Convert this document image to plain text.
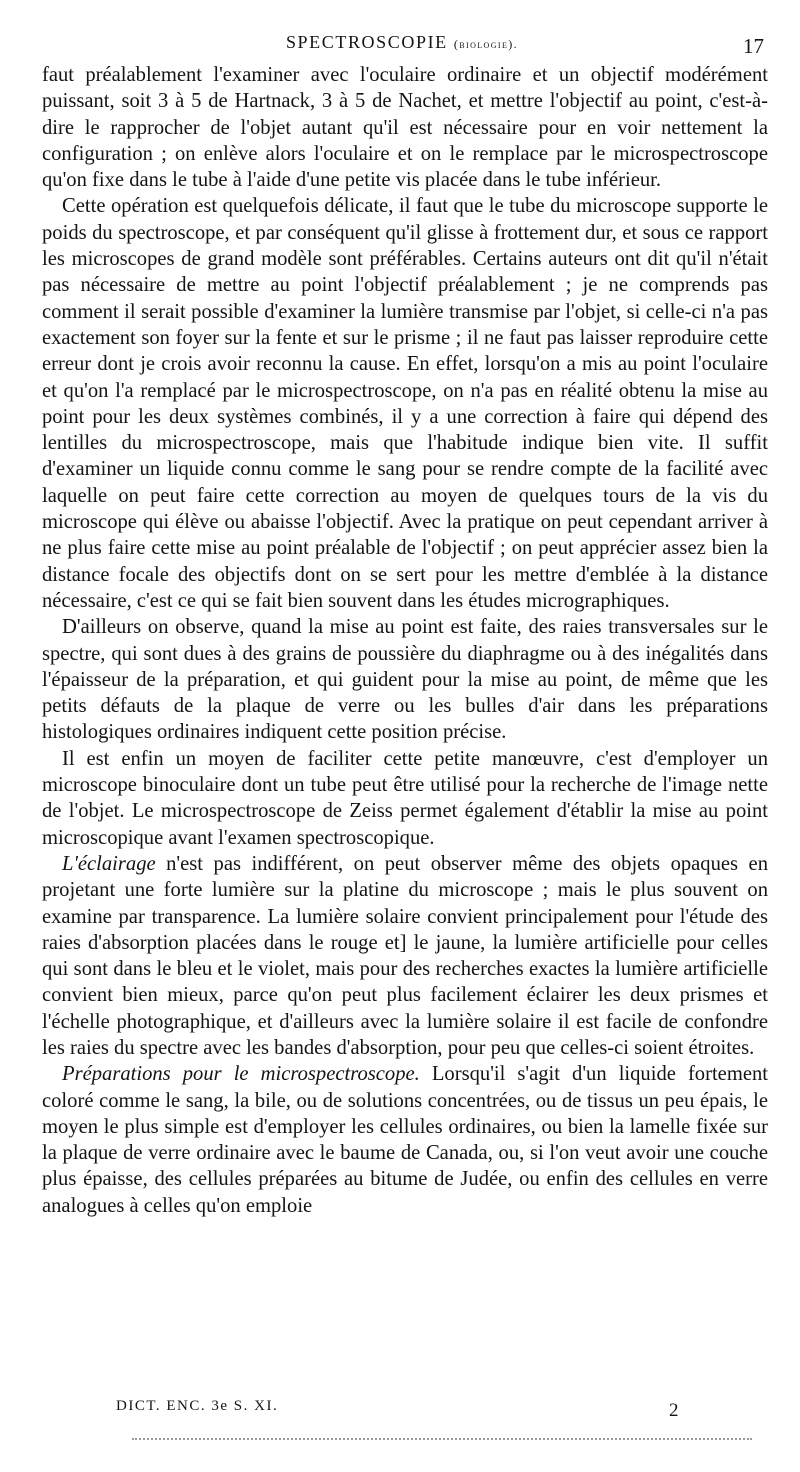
SPECTROSCOPIE (biologie).	17

faut préalablement l'examiner avec l'oculaire ordinaire et un objectif modérément puissant, soit 3 à 5 de Hartnack, 3 à 5 de Nachet, et mettre l'objectif au point, c'est-à-dire le rapprocher de l'objet autant qu'il est nécessaire pour en voir nettement la configuration ; on enlève alors l'oculaire et on le remplace par le microspectroscope qu'on fixe dans le tube à l'aide d'une petite vis placée dans le tube inférieur.

Cette opération est quelquefois délicate, il faut que le tube du microscope supporte le poids du spectroscope, et par conséquent qu'il glisse à frottement dur, et sous ce rapport les microscopes de grand modèle sont préférables. Certains auteurs ont dit qu'il n'était pas nécessaire de mettre au point l'objectif préalablement ; je ne comprends pas comment il serait possible d'examiner la lumière transmise par l'objet, si celle-ci n'a pas exactement son foyer sur la fente et sur le prisme ; il ne faut pas laisser reproduire cette erreur dont je crois avoir reconnu la cause. En effet, lorsqu'on a mis au point l'oculaire et qu'on l'a remplacé par le microspectroscope, on n'a pas en réalité obtenu la mise au point pour les deux systèmes combinés, il y a une correction à faire qui dépend des lentilles du microspectroscope, mais que l'habitude indique bien vite. Il suffit d'examiner un liquide connu comme le sang pour se rendre compte de la facilité avec laquelle on peut faire cette correction au moyen de quelques tours de la vis du microscope qui élève ou abaisse l'objectif. Avec la pratique on peut cependant arriver à ne plus faire cette mise au point préalable de l'objectif ; on peut apprécier assez bien la distance focale des objectifs dont on se sert pour les mettre d'emblée à la distance nécessaire, c'est ce qui se fait bien souvent dans les études micrographiques.

D'ailleurs on observe, quand la mise au point est faite, des raies transversales sur le spectre, qui sont dues à des grains de poussière du diaphragme ou à des inégalités dans l'épaisseur de la préparation, et qui guident pour la mise au point, de même que les petits défauts de la plaque de verre ou les bulles d'air dans les préparations histologiques ordinaires indiquent cette position précise.

Il est enfin un moyen de faciliter cette petite manœuvre, c'est d'employer un microscope binoculaire dont un tube peut être utilisé pour la recherche de l'image nette de l'objet. Le microspectroscope de Zeiss permet également d'établir la mise au point microscopique avant l'examen spectroscopique.

L'éclairage n'est pas indifférent, on peut observer même des objets opaques en projetant une forte lumière sur la platine du microscope ; mais le plus souvent on examine par transparence. La lumière solaire convient principalement pour l'étude des raies d'absorption placées dans le rouge et] le jaune, la lumière artificielle pour celles qui sont dans le bleu et le violet, mais pour des recherches exactes la lumière artificielle convient bien mieux, parce qu'on peut plus facilement éclairer les deux prismes et l'échelle photographique, et d'ailleurs avec la lumière solaire il est facile de confondre les raies du spectre avec les bandes d'absorption, pour peu que celles-ci soient étroites.

Préparations pour le microspectroscope. Lorsqu'il s'agit d'un liquide fortement coloré comme le sang, la bile, ou de solutions concentrées, ou de tissus un peu épais, le moyen le plus simple est d'employer les cellules ordinaires, ou bien la lamelle fixée sur la plaque de verre ordinaire avec le baume de Canada, ou, si l'on veut avoir une couche plus épaisse, des cellules préparées au bitume de Judée, ou enfin des cellules en verre analogues à celles qu'on emploie

DICT. ENC. 3e S. XI.	2
